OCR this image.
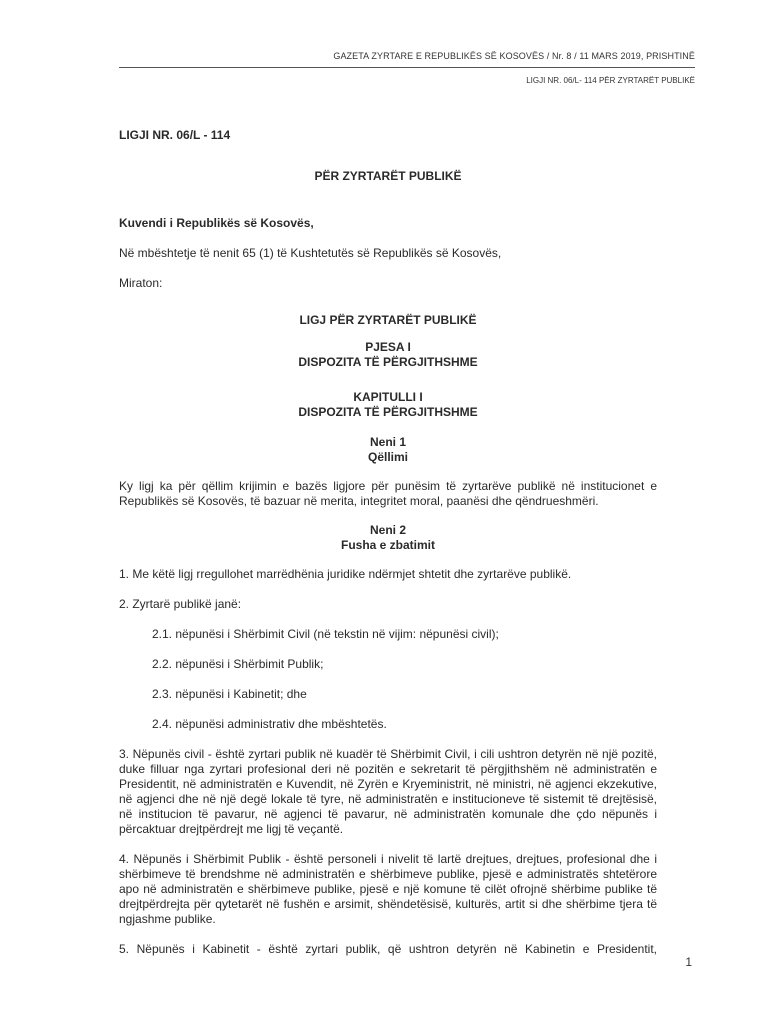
GAZETA ZYRTARE E REPUBLIKËS SË KOSOVËS / Nr. 8 / 11 MARS 2019, PRISHTINË
LIGJI NR. 06/L- 114 PËR ZYRTARËT PUBLIKË
LIGJI NR. 06/L - 114
PËR ZYRTARËT PUBLIKË
Kuvendi i Republikës së Kosovës,
Në mbështetje të nenit 65 (1) të Kushtetutës së Republikës së Kosovës,
Miraton:
LIGJ PËR ZYRTARËT PUBLIKË
PJESA I
DISPOZITA TË PËRGJITHSHME
KAPITULLI I
DISPOZITA TË PËRGJITHSHME
Neni 1
Qëllimi
Ky ligj ka për qëllim krijimin e bazës ligjore për punësim të zyrtarëve publikë në institucionet e Republikës së Kosovës, të bazuar në merita, integritet moral, paanësi dhe qëndrueshmëri.
Neni 2
Fusha e zbatimit
1. Me këtë ligj rregullohet marrëdhënia juridike ndërmjet shtetit dhe zyrtarëve publikë.
2. Zyrtarë publikë janë:
2.1. nëpunësi i Shërbimit Civil (në tekstin në vijim: nëpunësi civil);
2.2. nëpunësi i Shërbimit Publik;
2.3. nëpunësi i Kabinetit; dhe
2.4. nëpunësi administrativ dhe mbështetës.
3. Nëpunës civil - është zyrtari publik në kuadër të Shërbimit Civil, i cili ushtron detyrën në një pozitë, duke filluar nga zyrtari profesional deri në pozitën e sekretarit të përgjithshëm në administratën e Presidentit, në administratën e Kuvendit, në Zyrën e Kryeministrit, në ministri, në agjenci ekzekutive, në agjenci dhe në një degë lokale të tyre, në administratën e institucioneve të sistemit të drejtësisë, në institucion të pavarur, në agjenci të pavarur, në administratën komunale dhe çdo nëpunës i përcaktuar drejtpërdrejt me ligj të veçantë.
4. Nëpunës i Shërbimit Publik - është personeli i nivelit të lartë drejtues, drejtues, profesional dhe i shërbimeve të brendshme në administratën e shërbimeve publike, pjesë e administratës shtetërore apo në administratën e shërbimeve publike, pjesë e një komune të cilët ofrojnë shërbime publike të drejtpërdrejta për qytetarët në fushën e arsimit, shëndetësisë, kulturës, artit si dhe shërbime tjera të ngjashme publike.
5. Nëpunës i Kabinetit - është zyrtari publik, që ushtron detyrën në Kabinetin e Presidentit,
1
